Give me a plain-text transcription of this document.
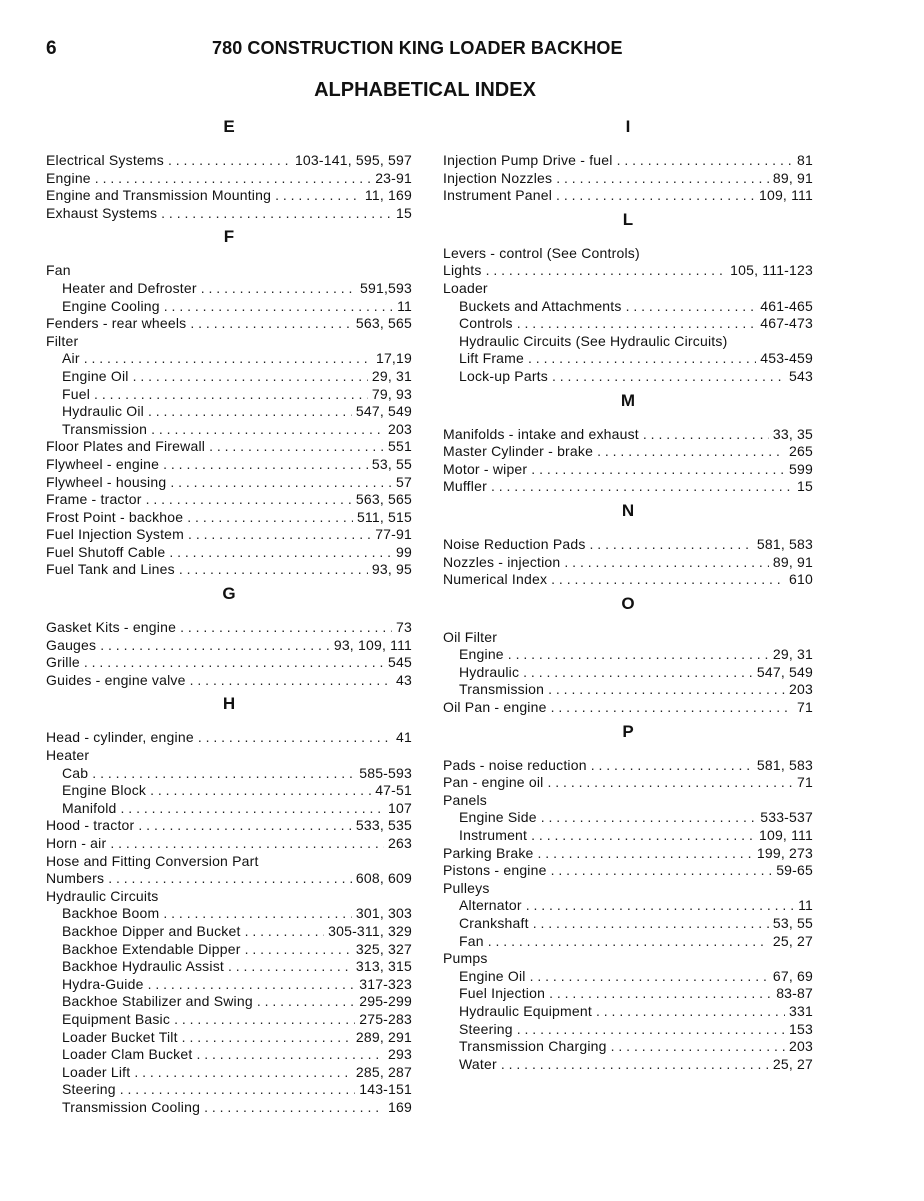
6	780 CONSTRUCTION KING LOADER BACKHOE
ALPHABETICAL INDEX
E
Electrical Systems . . .	103-141, 595, 597
Engine . . .	23-91
Engine and Transmission Mounting . . .	11, 169
Exhaust Systems . . .	15
F
Fan
Heater and Defroster . . .	591,593
Engine Cooling . . .	11
Fenders - rear wheels . . .	563, 565
Filter
Air . . .	17,19
Engine Oil . . .	29, 31
Fuel . . .	79, 93
Hydraulic Oil . . .	547, 549
Transmission . . .	203
Floor Plates and Firewall . . .	551
Flywheel - engine . . .	53, 55
Flywheel - housing . . .	57
Frame - tractor . . .	563, 565
Frost Point - backhoe . . .	511, 515
Fuel Injection System . . .	77-91
Fuel Shutoff Cable . . .	99
Fuel Tank and Lines . . .	93, 95
G
Gasket Kits - engine . . .	73
Gauges . . .	93, 109, 111
Grille . . .	545
Guides - engine valve . . .	43
H
Head - cylinder, engine . . .	41
Heater
Cab . . .	585-593
Engine Block . . .	47-51
Manifold . . .	107
Hood - tractor . . .	533, 535
Horn - air . . .	263
Hose and Fitting Conversion Part
Numbers . . .	608, 609
Hydraulic Circuits
Backhoe Boom . . .	301, 303
Backhoe Dipper and Bucket . . .	305-311, 329
Backhoe Extendable Dipper . . .	325, 327
Backhoe Hydraulic Assist . . .	313, 315
Hydra-Guide . . .	317-323
Backhoe Stabilizer and Swing . . .	295-299
Equipment Basic . . .	275-283
Loader Bucket Tilt . . .	289, 291
Loader Clam Bucket . . .	293
Loader Lift . . .	285, 287
Steering . . .	143-151
Transmission Cooling . . .	169
I
Injection Pump Drive - fuel . . .	81
Injection Nozzles . . .	89, 91
Instrument Panel . . .	109, 111
L
Levers - control (See Controls)
Lights . . .	105, 111-123
Loader
Buckets and Attachments . . .	461-465
Controls . . .	467-473
Hydraulic Circuits (See Hydraulic Circuits)
Lift Frame . . .	453-459
Lock-up Parts . . .	543
M
Manifolds - intake and exhaust . . .	33, 35
Master Cylinder - brake . . .	265
Motor - wiper . . .	599
Muffler . . .	15
N
Noise Reduction Pads . . .	581, 583
Nozzles - injection . . .	89, 91
Numerical Index . . .	610
O
Oil Filter
Engine . . .	29, 31
Hydraulic . . .	547, 549
Transmission . . .	203
Oil Pan - engine . . .	71
P
Pads - noise reduction . . .	581, 583
Pan - engine oil . . .	71
Panels
Engine Side . . .	533-537
Instrument . . .	109, 111
Parking Brake . . .	199, 273
Pistons - engine . . .	59-65
Pulleys
Alternator . . .	11
Crankshaft . . .	53, 55
Fan . . .	25, 27
Pumps
Engine Oil . . .	67, 69
Fuel Injection . . .	83-87
Hydraulic Equipment . . .	331
Steering . . .	153
Transmission Charging . . .	203
Water . . .	25, 27
